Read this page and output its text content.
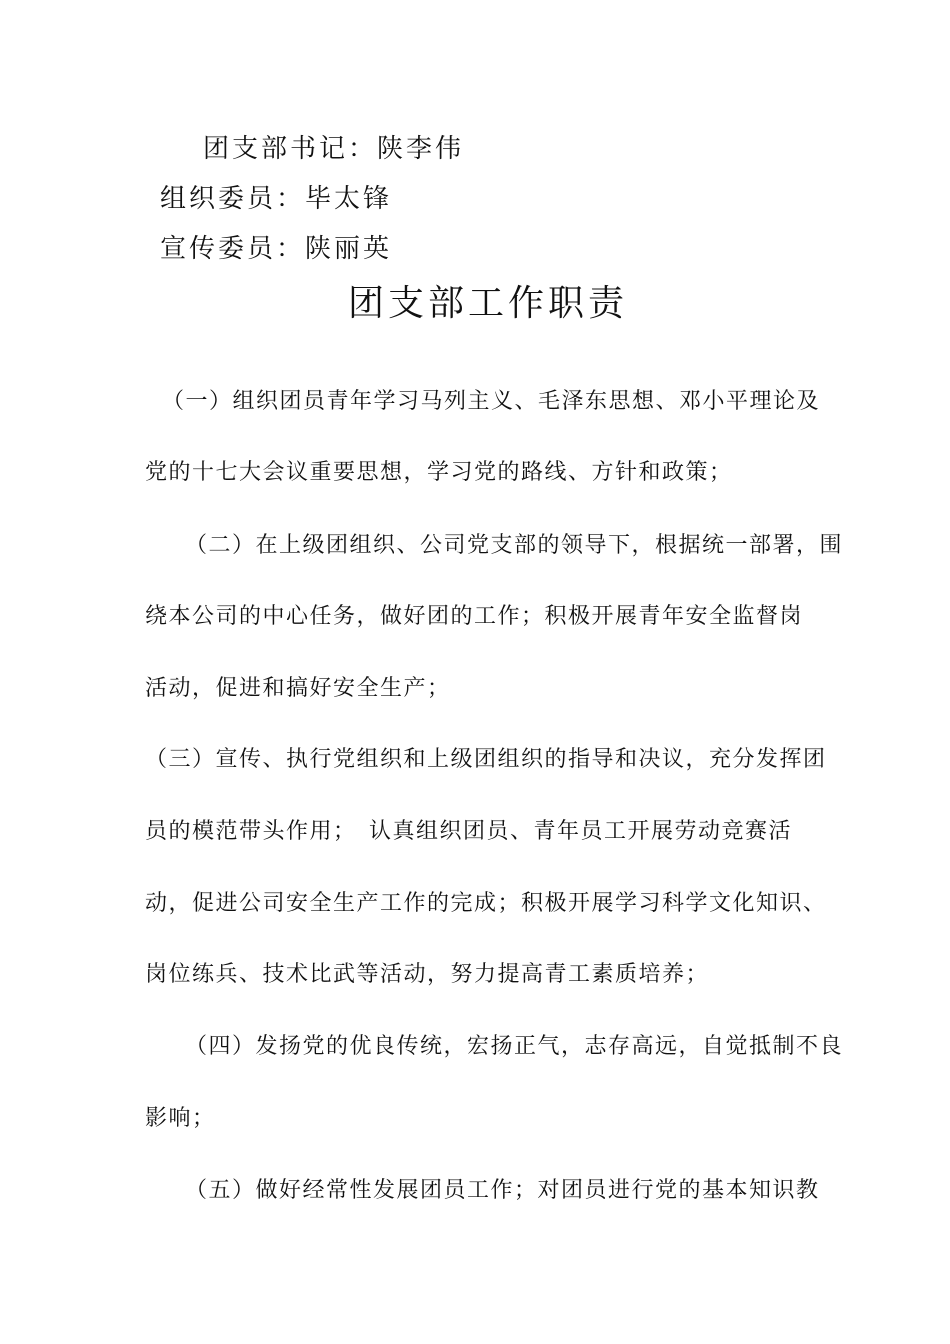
团支部书记：陕李伟
组织委员：毕太锋
宣传委员：陕丽英
团支部工作职责
（一）组织团员青年学习马列主义、毛泽东思想、邓小平理论及
党的十七大会议重要思想，学习党的路线、方针和政策；
（二）在上级团组织、公司党支部的领导下，根据统一部署，围
绕本公司的中心任务，做好团的工作；积极开展青年安全监督岗
活动，促进和搞好安全生产；
（三）宣传、执行党组织和上级团组织的指导和决议，充分发挥团
员的模范带头作用；　认真组织团员、青年员工开展劳动竞赛活
动，促进公司安全生产工作的完成；积极开展学习科学文化知识、
岗位练兵、技术比武等活动，努力提高青工素质培养；
（四）发扬党的优良传统，宏扬正气，志存高远，自觉抵制不良
影响；
（五）做好经常性发展团员工作；对团员进行党的基本知识教
